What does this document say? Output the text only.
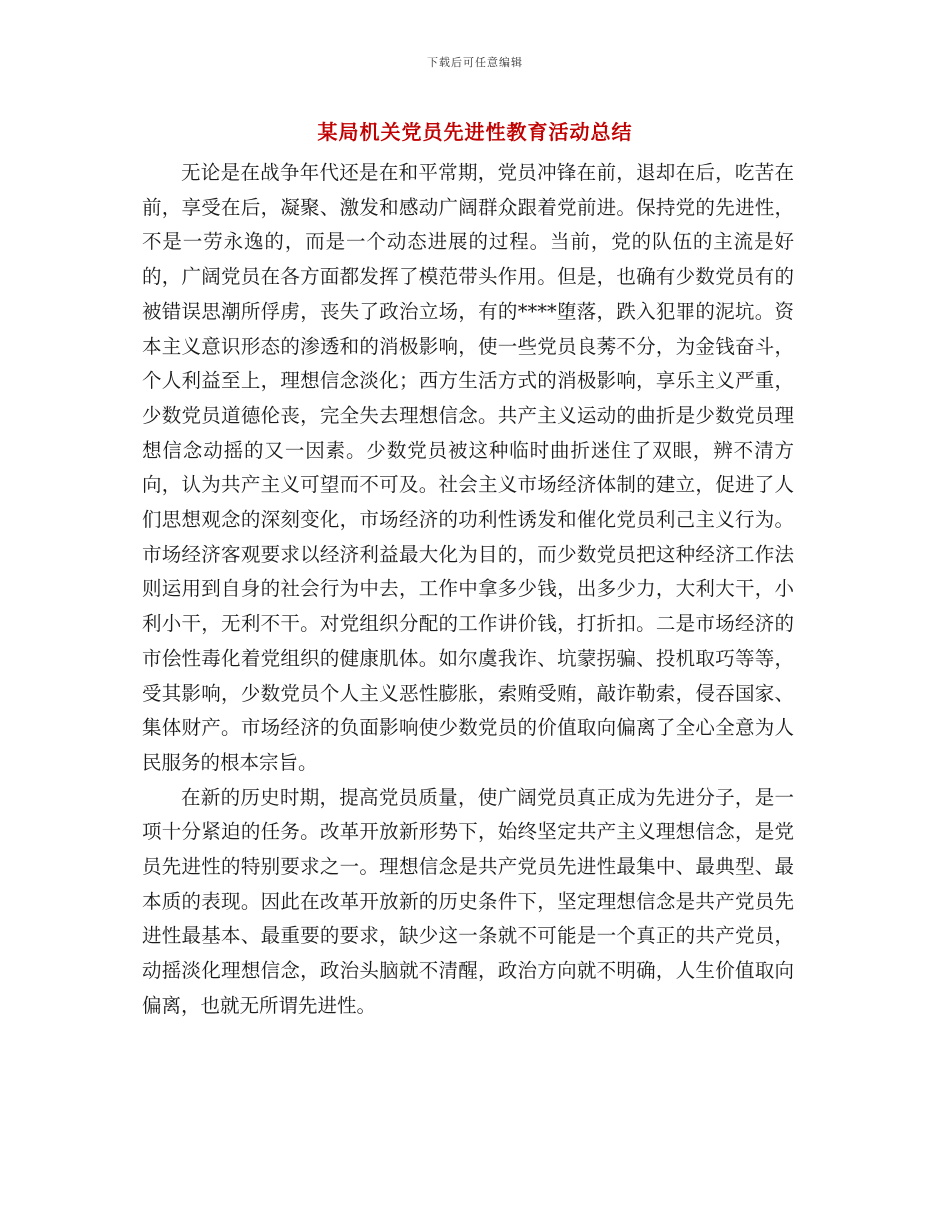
下载后可任意编辑
某局机关党员先进性教育活动总结

无论是在战争年代还是在和平常期，党员冲锋在前，退却在后，吃苦在前，享受在后，凝聚、激发和感动广阔群众跟着党前进。保持党的先进性，不是一劳永逸的，而是一个动态进展的过程。当前，党的队伍的主流是好的，广阔党员在各方面都发挥了模范带头作用。但是，也确有少数党员有的被错误思潮所俘虏，丧失了政治立场，有的****堕落，跌入犯罪的泥坑。资本主义意识形态的渗透和的消极影响，使一些党员良莠不分，为金钱奋斗，个人利益至上，理想信念淡化；西方生活方式的消极影响，享乐主义严重，少数党员道德伦丧，完全失去理想信念。共产主义运动的曲折是少数党员理想信念动摇的又一因素。少数党员被这种临时曲折迷住了双眼，辨不清方向，认为共产主义可望而不可及。社会主义市场经济体制的建立，促进了人们思想观念的深刻变化，市场经济的功利性诱发和催化党员利己主义行为。市场经济客观要求以经济利益最大化为目的，而少数党员把这种经济工作法则运用到自身的社会行为中去，工作中拿多少钱，出多少力，大利大干，小利小干，无利不干。对党组织分配的工作讲价钱，打折扣。二是市场经济的市侩性毒化着党组织的健康肌体。如尔虞我诈、坑蒙拐骗、投机取巧等等，受其影响，少数党员个人主义恶性膨胀，索贿受贿，敲诈勒索，侵吞国家、集体财产。市场经济的负面影响使少数党员的价值取向偏离了全心全意为人民服务的根本宗旨。

在新的历史时期，提高党员质量，使广阔党员真正成为先进分子，是一项十分紧迫的任务。改革开放新形势下，始终坚定共产主义理想信念，是党员先进性的特别要求之一。理想信念是共产党员先进性最集中、最典型、最本质的表现。因此在改革开放新的历史条件下，坚定理想信念是共产党员先进性最基本、最重要的要求，缺少这一条就不可能是一个真正的共产党员，动摇淡化理想信念，政治头脑就不清醒，政治方向就不明确，人生价值取向偏离，也就无所谓先进性。
